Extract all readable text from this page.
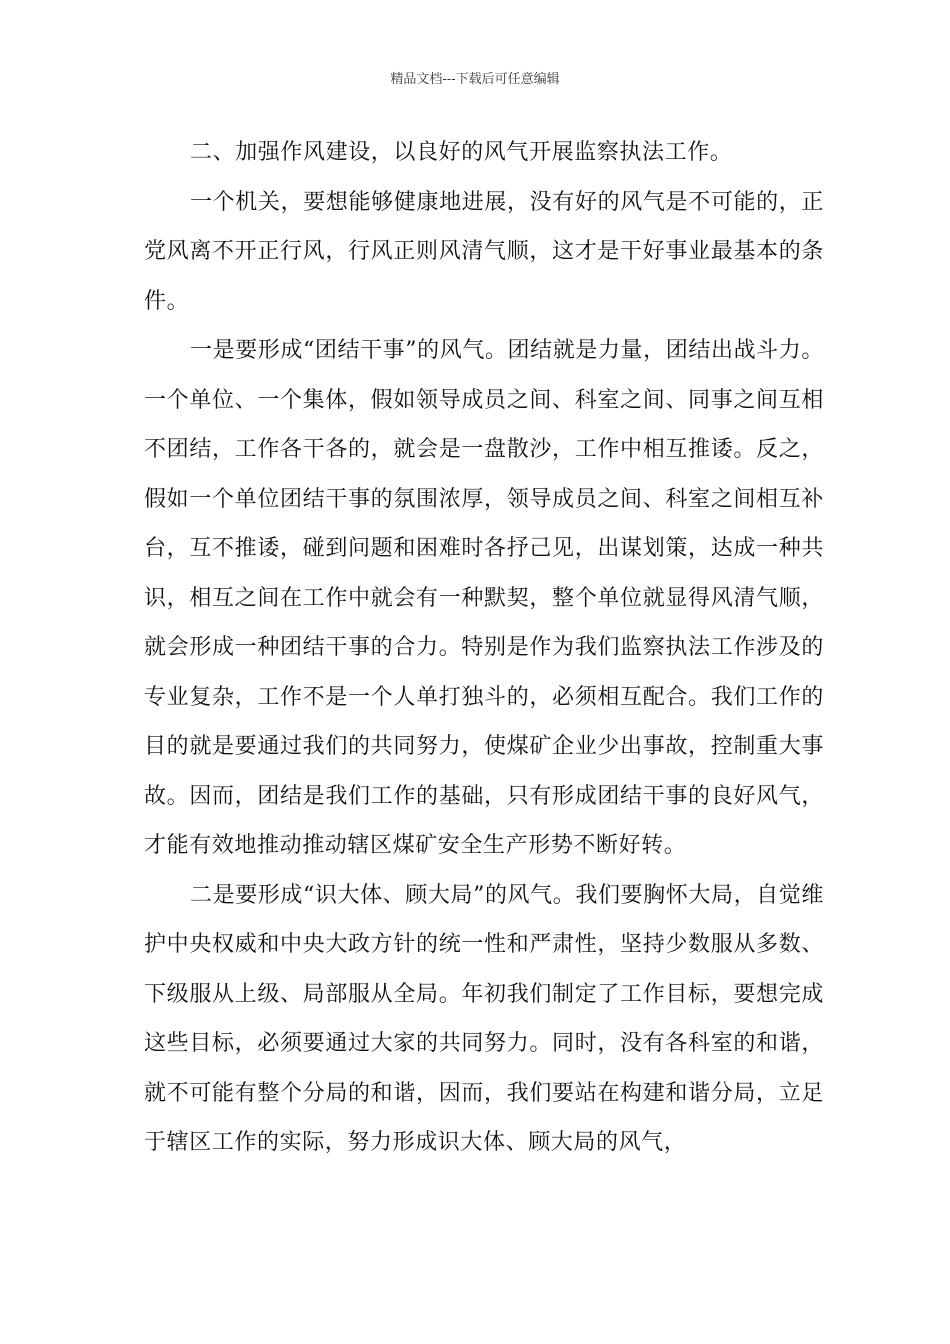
精品文档---下载后可任意编辑

二、加强作风建设，以良好的风气开展监察执法工作。

一个机关，要想能够健康地进展，没有好的风气是不可能的，正党风离不开正行风，行风正则风清气顺，这才是干好事业最基本的条件。

一是要形成“团结干事”的风气。团结就是力量，团结出战斗力。一个单位、一个集体，假如领导成员之间、科室之间、同事之间互相不团结，工作各干各的，就会是一盘散沙，工作中相互推诿。反之，假如一个单位团结干事的氛围浓厚，领导成员之间、科室之间相互补台，互不推诿，碰到问题和困难时各抒己见，出谋划策，达成一种共识，相互之间在工作中就会有一种默契，整个单位就显得风清气顺，就会形成一种团结干事的合力。特别是作为我们监察执法工作涉及的专业复杂，工作不是一个人单打独斗的，必须相互配合。我们工作的目的就是要通过我们的共同努力，使煤矿企业少出事故，控制重大事故。因而，团结是我们工作的基础，只有形成团结干事的良好风气，才能有效地推动推动辖区煤矿安全生产形势不断好转。

二是要形成“识大体、顾大局”的风气。我们要胸怀大局，自觉维护中央权威和中央大政方针的统一性和严肃性，坚持少数服从多数、下级服从上级、局部服从全局。年初我们制定了工作目标，要想完成这些目标，必须要通过大家的共同努力。同时，没有各科室的和谐，就不可能有整个分局的和谐，因而，我们要站在构建和谐分局，立足于辖区工作的实际，努力形成识大体、顾大局的风气，
